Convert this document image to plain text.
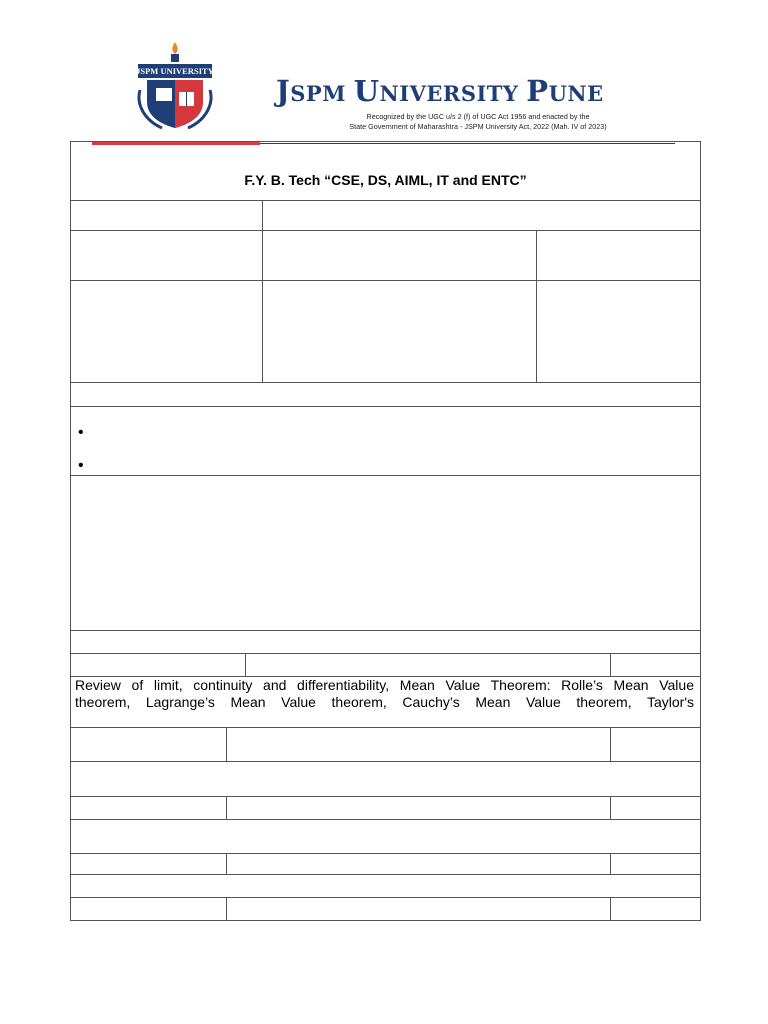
JSPM UNIVERSITY
JSPM UNIVERSITY PUNE
Recognized by the UGC u/s 2 (f) of UGC Act 1956 and enacted by the
State Government of Maharashtra - JSPM University Act, 2022 (Mah. IV of 2023)
F.Y. B. Tech “CSE, DS, AIML, IT and ENTC”
•
•
Review of limit, continuity and differentiability, Mean Value Theorem: Rolle’s Mean Value
theorem, Lagrange’s Mean Value theorem, Cauchy’s Mean Value theorem, Taylor's
